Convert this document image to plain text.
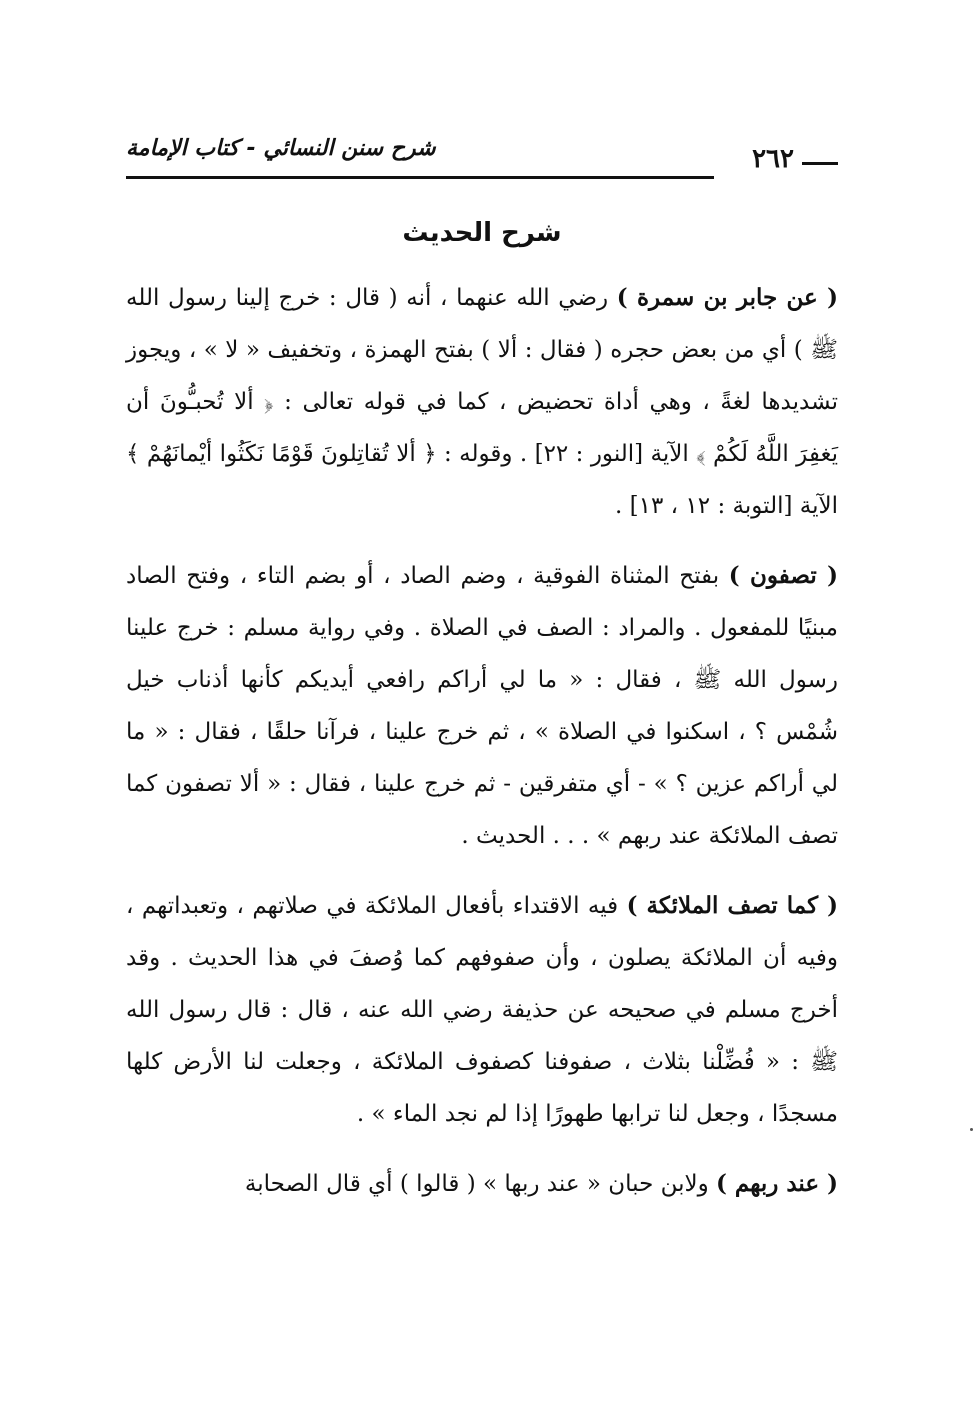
شرح سنن النسائي - كتاب الإمامة	٢٦٢
شرح الحديث

( عن جابر بن سمرة ) رضي الله عنهما ، أنه ( قال : خرج إلينا رسول الله ﷺ ) أي من بعض حجره ( فقال : ألا ) بفتح الهمزة ، وتخفيف « لا » ، ويجوز تشديدها لغةً ، وهي أداة تحضيض ، كما في قوله تعالى : ﴿ ألا تُحبـُّونَ أن يَغفِرَ اللَّهُ لَكُمْ ﴾ الآية [النور : ٢٢] . وقوله : ﴿ ألا تُقاتِلونَ قَوْمًا نَكَثُوا أيْمانَهُمْ ﴾ الآية [التوبة : ١٢ ، ١٣] .

( تصفون ) بفتح المثناة الفوقية ، وضم الصاد ، أو بضم التاء ، وفتح الصاد مبنيًا للمفعول . والمراد : الصف في الصلاة . وفي رواية مسلم : خرج علينا رسول الله ﷺ ، فقال : « ما لي أراكم رافعي أيديكم كأنها أذناب خيل شُمْس ؟ ، اسكنوا في الصلاة » ، ثم خرج علينا ، فرآنا حلقًا ، فقال : « ما لي أراكم عزين ؟ » - أي متفرقين - ثم خرج علينا ، فقال : « ألا تصفون كما تصف الملائكة عند ربهم » . . . الحديث .

( كما تصف الملائكة ) فيه الاقتداء بأفعال الملائكة في صلاتهم ، وتعبداتهم ، وفيه أن الملائكة يصلون ، وأن صفوفهم كما وُصفَ في هذا الحديث . وقد أخرج مسلم في صحيحه عن حذيفة رضي الله عنه ، قال : قال رسول الله ﷺ : « فُضِّلْنا بثلاث ، صفوفنا كصفوف الملائكة ، وجعلت لنا الأرض كلها مسجدًا ، وجعل لنا ترابها طهورًا إذا لم نجد الماء » .

( عند ربهم ) ولابن حبان « عند ربها » ( قالوا ) أي قال الصحابة
